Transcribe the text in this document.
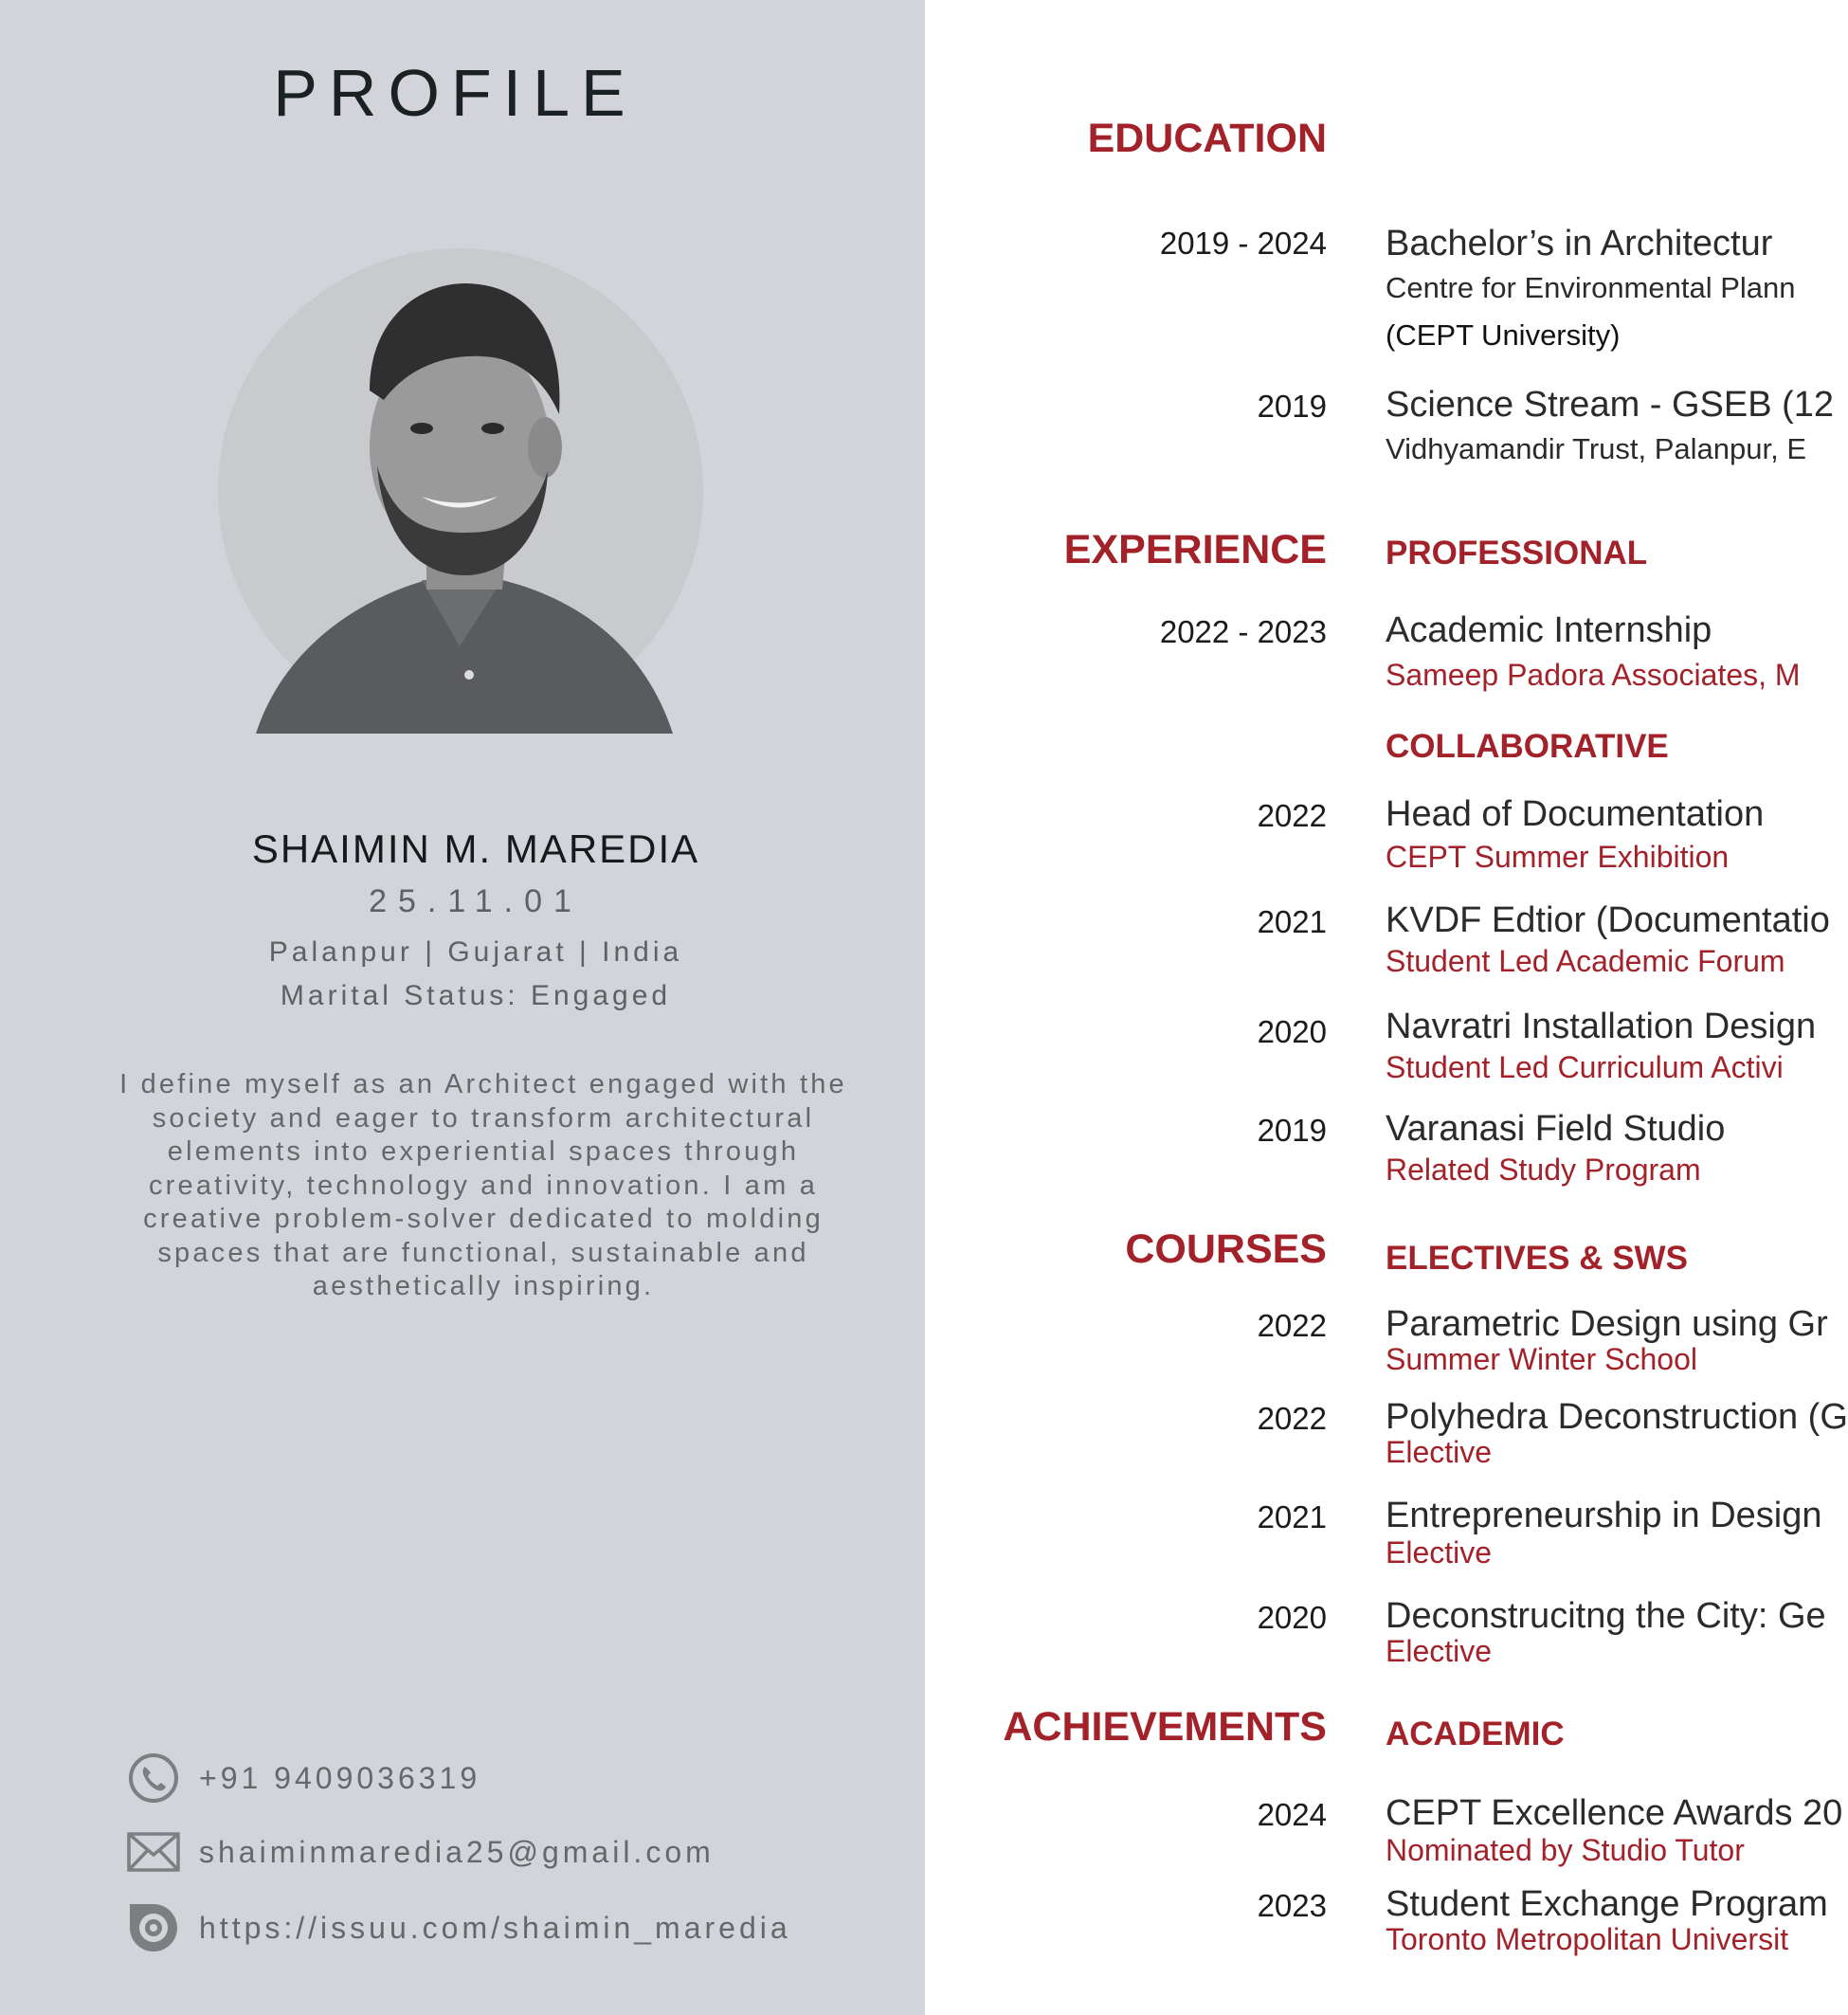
PROFILE
SHAIMIN M. MAREDIA
25.11.01
Palanpur | Gujarat | India
Marital Status: Engaged
I define myself as an Architect engaged with the society and eager to transform architectural elements into experiential spaces through creativity, technology and innovation. I am a creative problem-solver dedicated to molding spaces that are functional, sustainable and aesthetically inspiring.
+91 9409036319
shaiminmaredia25@gmail.com
https://issuu.com/shaimin_maredia
EDUCATION
2019 - 2024 Bachelor’s in Architectur
Centre for Environmental Plann
(CEPT University)
2019 Science Stream - GSEB (12
Vidhyamandir Trust, Palanpur, E
EXPERIENCE PROFESSIONAL
2022 - 2023 Academic Internship
Sameep Padora Associates, M
COLLABORATIVE
2022 Head of Documentation
CEPT Summer Exhibition
2021 KVDF Edtior (Documentatio
Student Led Academic Forum
2020 Navratri Installation Design
Student Led Curriculum Activi
2019 Varanasi Field Studio
Related Study Program
COURSES ELECTIVES & SWS
2022 Parametric Design using Gr
Summer Winter School
2022 Polyhedra Deconstruction (G
Elective
2021 Entrepreneurship in Design
Elective
2020 Deconstrucitng the City: Ge
Elective
ACHIEVEMENTS ACADEMIC
2024 CEPT Excellence Awards 20
Nominated by Studio Tutor
2023 Student Exchange Program
Toronto Metropolitan Universit
